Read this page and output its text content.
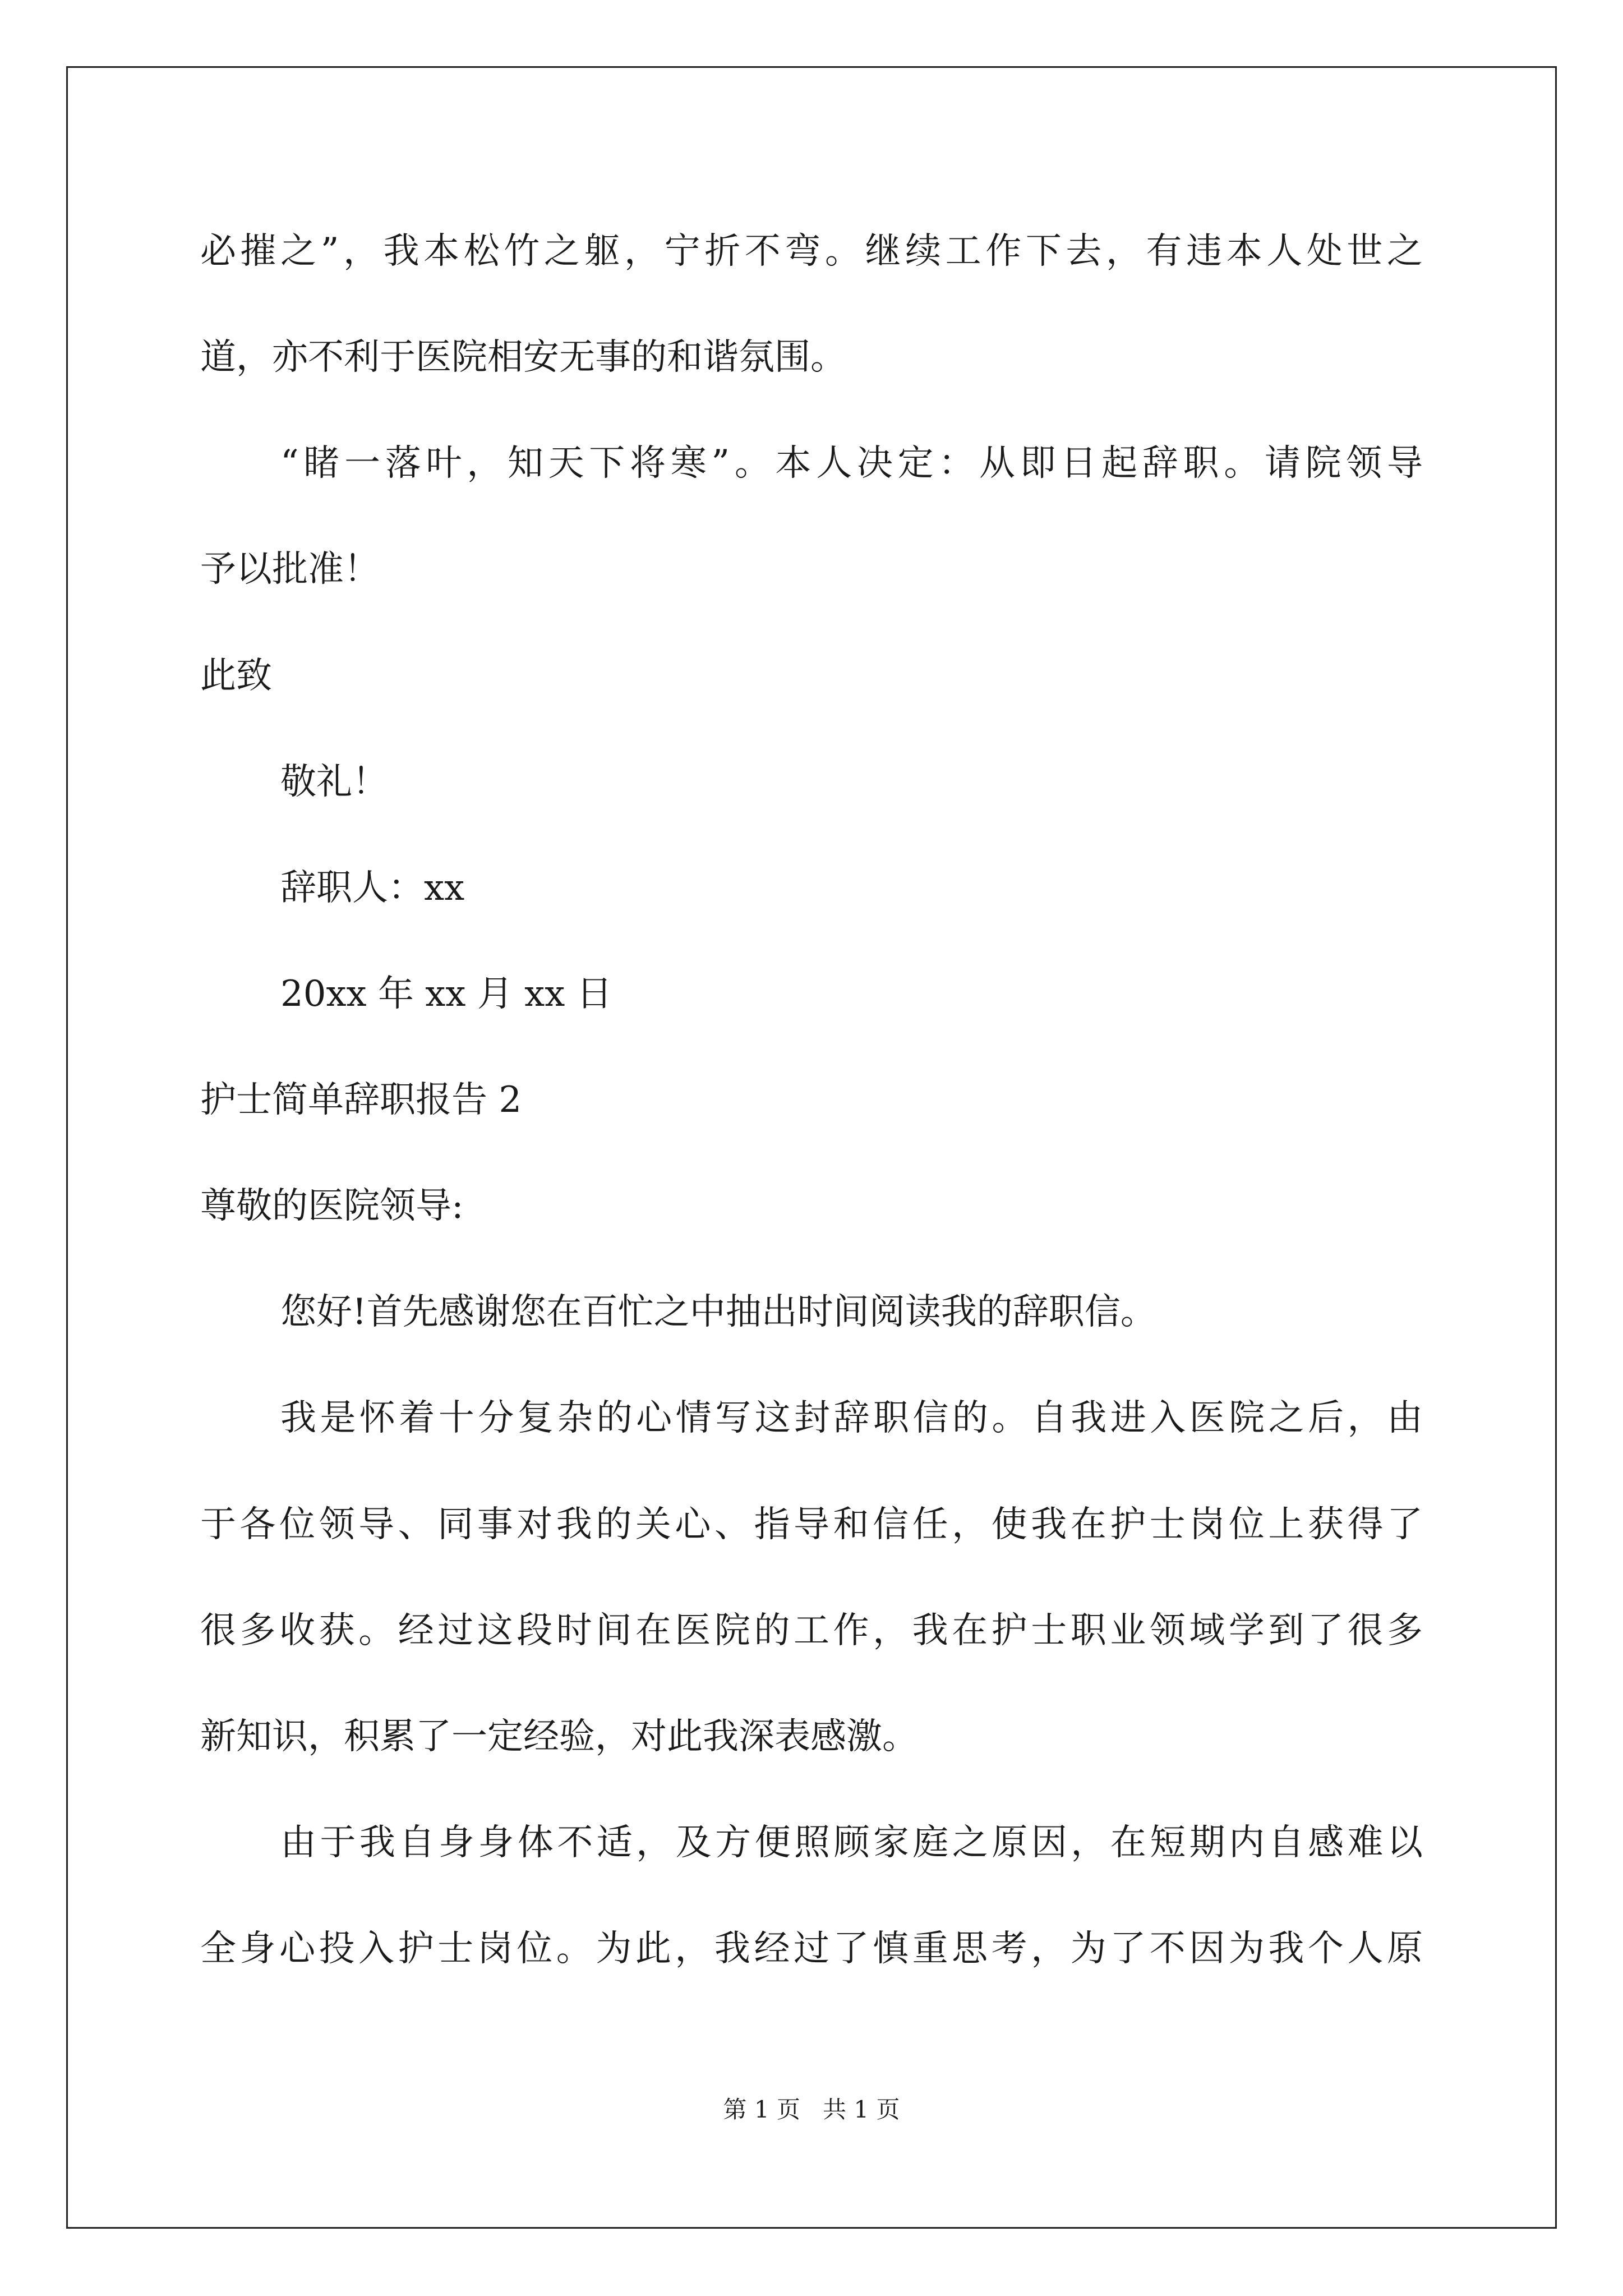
必摧之”，我本松竹之躯，宁折不弯。继续工作下去，有违本人处世之
道，亦不利于医院相安无事的和谐氛围。
“睹一落叶，知天下将寒”。本人决定：从即日起辞职。请院领导
予以批准！
此致
敬礼！
辞职人：xx
20xx 年 xx 月 xx 日
护士简单辞职报告 2
尊敬的医院领导:
您好!首先感谢您在百忙之中抽出时间阅读我的辞职信。
我是怀着十分复杂的心情写这封辞职信的。自我进入医院之后，由
于各位领导、同事对我的关心、指导和信任，使我在护士岗位上获得了
很多收获。经过这段时间在医院的工作，我在护士职业领域学到了很多
新知识，积累了一定经验，对此我深表感激。
由于我自身身体不适，及方便照顾家庭之原因，在短期内自感难以
全身心投入护士岗位。为此，我经过了慎重思考，为了不因为我个人原
第 1 页   共 1 页
